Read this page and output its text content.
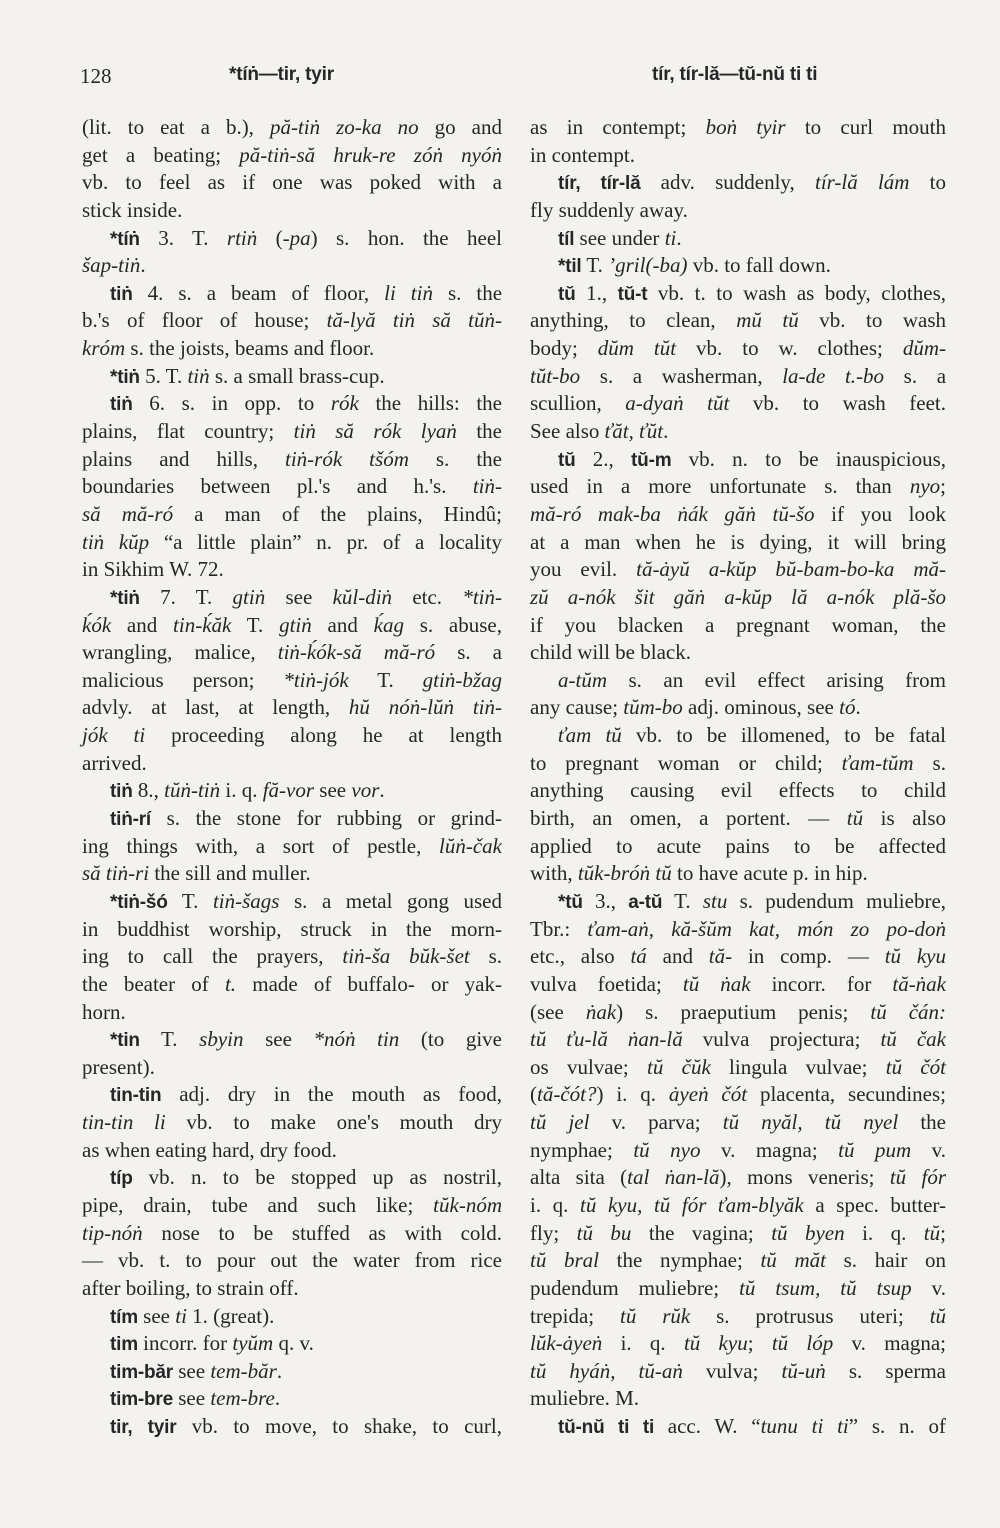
128	*tíṅ—tir, tyir	tír, tír-lă—tŭ-nŭ ti ti
(lit. to eat a b.), pă-tiṅ zo-ka no go and
get a beating; pă-tiṅ-să hruk-re zóṅ nyóṅ
vb. to feel as if one was poked with a
stick inside.
*tíṅ 3. T. rtiṅ (-pa) s. hon. the heel
šap-tiṅ.
tiṅ 4. s. a beam of floor, li tiṅ s. the
b.'s of floor of house; tă-lyă tiṅ să tŭṅ-
króm s. the joists, beams and floor.
*tiṅ 5. T. tiṅ s. a small brass-cup.
tiṅ 6. s. in opp. to rók the hills: the
plains, flat country; tiṅ să rók lyaṅ the
plains and hills, tiṅ-rók tšóm s. the
boundaries between pl.'s and h.'s. tiṅ-
să mă-ró a man of the plains, Hindû;
tiṅ kŭp “a little plain” n. pr. of a locality
in Sikhim W. 72.
*tiṅ 7. T. gtiṅ see kŭl-diṅ etc. *tiṅ-
ḱók and tin-ḱăk T. gtiṅ and ḱag s. abuse,
wrangling, malice, tiṅ-ḱók-să mă-ró s. a
malicious person; *tiṅ-jók T. gtiṅ-bžag
advly. at last, at length, hŭ nóṅ-lŭṅ tiṅ-
jók ti proceeding along he at length
arrived.
tiṅ 8., tŭṅ-tiṅ i. q. fă-vor see vor.
tiṅ-rí s. the stone for rubbing or grind-
ing things with, a sort of pestle, lŭṅ-čak
să tiṅ-ri the sill and muller.
*tiṅ-šó T. tiṅ-šags s. a metal gong used
in buddhist worship, struck in the morn-
ing to call the prayers, tiṅ-ša bŭk-šet s.
the beater of t. made of buffalo- or yak-
horn.
*tin T. sbyin see *nóṅ tin (to give
present).
tin-tin adj. dry in the mouth as food,
tin-tin li vb. to make one's mouth dry
as when eating hard, dry food.
típ vb. n. to be stopped up as nostril,
pipe, drain, tube and such like; tŭk-nóm
tip-nóṅ nose to be stuffed as with cold.
— vb. t. to pour out the water from rice
after boiling, to strain off.
tím see ti 1. (great).
tim incorr. for tyŭm q. v.
tim-băr see tem-băr.
tim-bre see tem-bre.
tir, tyir vb. to move, to shake, to curl,
as in contempt; boṅ tyir to curl mouth
in contempt.
tír, tír-lă adv. suddenly, tír-lă lám to
fly suddenly away.
tíl see under ti.
*til T. ’gril(-ba) vb. to fall down.
tŭ 1., tŭ-t vb. t. to wash as body, clothes,
anything, to clean, mŭ tŭ vb. to wash
body; dŭm tŭt vb. to w. clothes; dŭm-
tŭt-bo s. a washerman, la-de t.-bo s. a
scullion, a-dyaṅ tŭt vb. to wash feet.
See also ťăt, ťŭt.
tŭ 2., tŭ-m vb. n. to be inauspicious,
used in a more unfortunate s. than nyo;
mă-ró mak-ba ṅák găṅ tŭ-šo if you look
at a man when he is dying, it will bring
you evil. tă-ȧyŭ a-kŭp bŭ-bam-bo-ka mă-
zŭ a-nók šit găṅ a-kŭp lă a-nók plă-šo
if you blacken a pregnant woman, the
child will be black.
a-tŭm s. an evil effect arising from
any cause; tŭm-bo adj. ominous, see tó.
ťam tŭ vb. to be illomened, to be fatal
to pregnant woman or child; ťam-tŭm s.
anything causing evil effects to child
birth, an omen, a portent. — tŭ is also
applied to acute pains to be affected
with, tŭk-bróṅ tŭ to have acute p. in hip.
*tŭ 3., a-tŭ T. stu s. pudendum muliebre,
Tbr.: ťam-aṅ, kă-šŭm kat, món zo po-doṅ
etc., also tá and tă- in comp. — tŭ kyu
vulva foetida; tŭ ṅak incorr. for tă-ṅak
(see ṅak) s. praeputium penis; tŭ čán:
tŭ ťu-lă ṅan-lă vulva projectura; tŭ čak
os vulvae; tŭ čŭk lingula vulvae; tŭ čót
(tă-čót?) i. q. ȧyeṅ čót placenta, secundines;
tŭ jel v. parva; tŭ nyăl, tŭ nyel the
nymphae; tŭ nyo v. magna; tŭ pum v.
alta sita (tal ṅan-lă), mons veneris; tŭ fór
i. q. tŭ kyu, tŭ fór ťam-blyăk a spec. butter-
fly; tŭ bu the vagina; tŭ byen i. q. tŭ;
tŭ bral the nymphae; tŭ măt s. hair on
pudendum muliebre; tŭ tsum, tŭ tsup v.
trepida; tŭ rŭk s. protrusus uteri; tŭ
lŭk-ȧyeṅ i. q. tŭ kyu; tŭ lóp v. magna;
tŭ hyáṅ, tŭ-aṅ vulva; tŭ-uṅ s. sperma
muliebre. M.
tŭ-nŭ ti ti acc. W. “tunu ti ti” s. n. of
